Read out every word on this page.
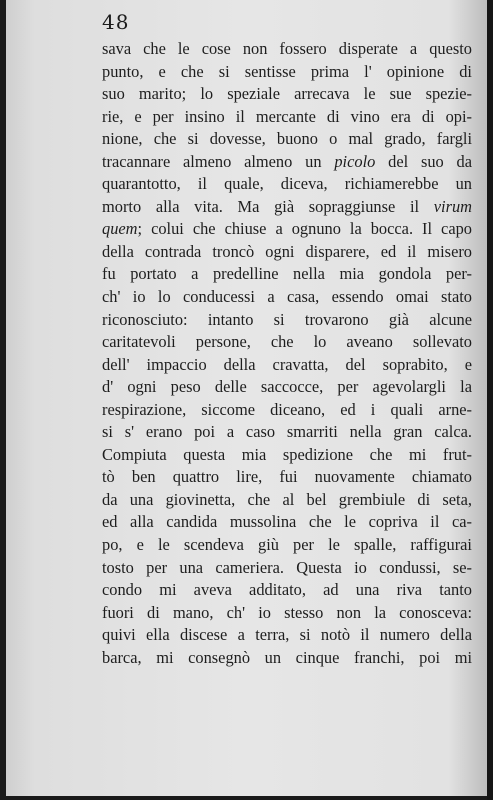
48
sava che le cose non fossero disperate a questo
punto, e che si sentisse prima l' opinione di
suo marito; lo speziale arrecava le sue spezie-
rie, e per insino il mercante di vino era di opi-
nione, che si dovesse, buono o mal grado, fargli
tracannare almeno almeno un picolo del suo da
quarantotto, il quale, diceva, richiamerebbe un
morto alla vita. Ma già sopraggiunse il virum
quem; colui che chiuse a ognuno la bocca. Il capo
della contrada troncò ogni disparere, ed il misero
fu portato a predelline nella mia gondola per-
ch' io lo conducessi a casa, essendo omai stato
riconosciuto: intanto si trovarono già alcune
caritatevoli persone, che lo aveano sollevato
dell' impaccio della cravatta, del soprabito, e
d' ogni peso delle saccocce, per agevolargli la
respirazione, siccome diceano, ed i quali arne-
si s' erano poi a caso smarriti nella gran calca.
Compiuta questa mia spedizione che mi frut-
tò ben quattro lire, fui nuovamente chiamato
da una giovinetta, che al bel grembiule di seta,
ed alla candida mussolina che le copriva il ca-
po, e le scendeva giù per le spalle, raffigurai
tosto per una cameriera. Questa io condussi, se-
condo mi aveva additato, ad una riva tanto
fuori di mano, ch' io stesso non la conosceva:
quivi ella discese a terra, si notò il numero della
barca, mi consegnò un cinque franchi, poi mi
